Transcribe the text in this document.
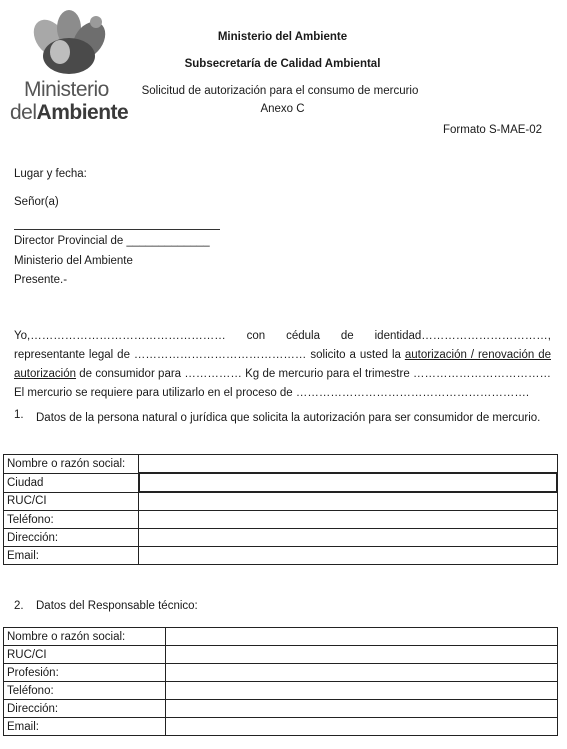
Ministerio
delAmbiente
Ministerio del Ambiente
Subsecretaría de Calidad Ambiental
Solicitud de autorización para el consumo de mercurio
Anexo C
Formato S-MAE-02
Lugar y fecha:
Señor(a)
Director Provincial de _____________
Ministerio del Ambiente
Presente.-
Yo,…………………………………………… con cédula de identidad……………………………, representante legal de ……………………………………… solicito a usted la autorización / renovación de autorización de consumidor para …………… Kg de mercurio para el trimestre ……………………………… El mercurio se requiere para utilizarlo en el proceso de …………………………………………………….
1. Datos de la persona natural o jurídica que solicita la autorización para ser consumidor de mercurio.
Nombre o razón social:	
Ciudad	
RUC/CI	
Teléfono:	
Dirección:	
Email:	
2. Datos del Responsable técnico:
Nombre o razón social:	
RUC/CI	
Profesión:	
Teléfono:	
Dirección:	
Email:	
